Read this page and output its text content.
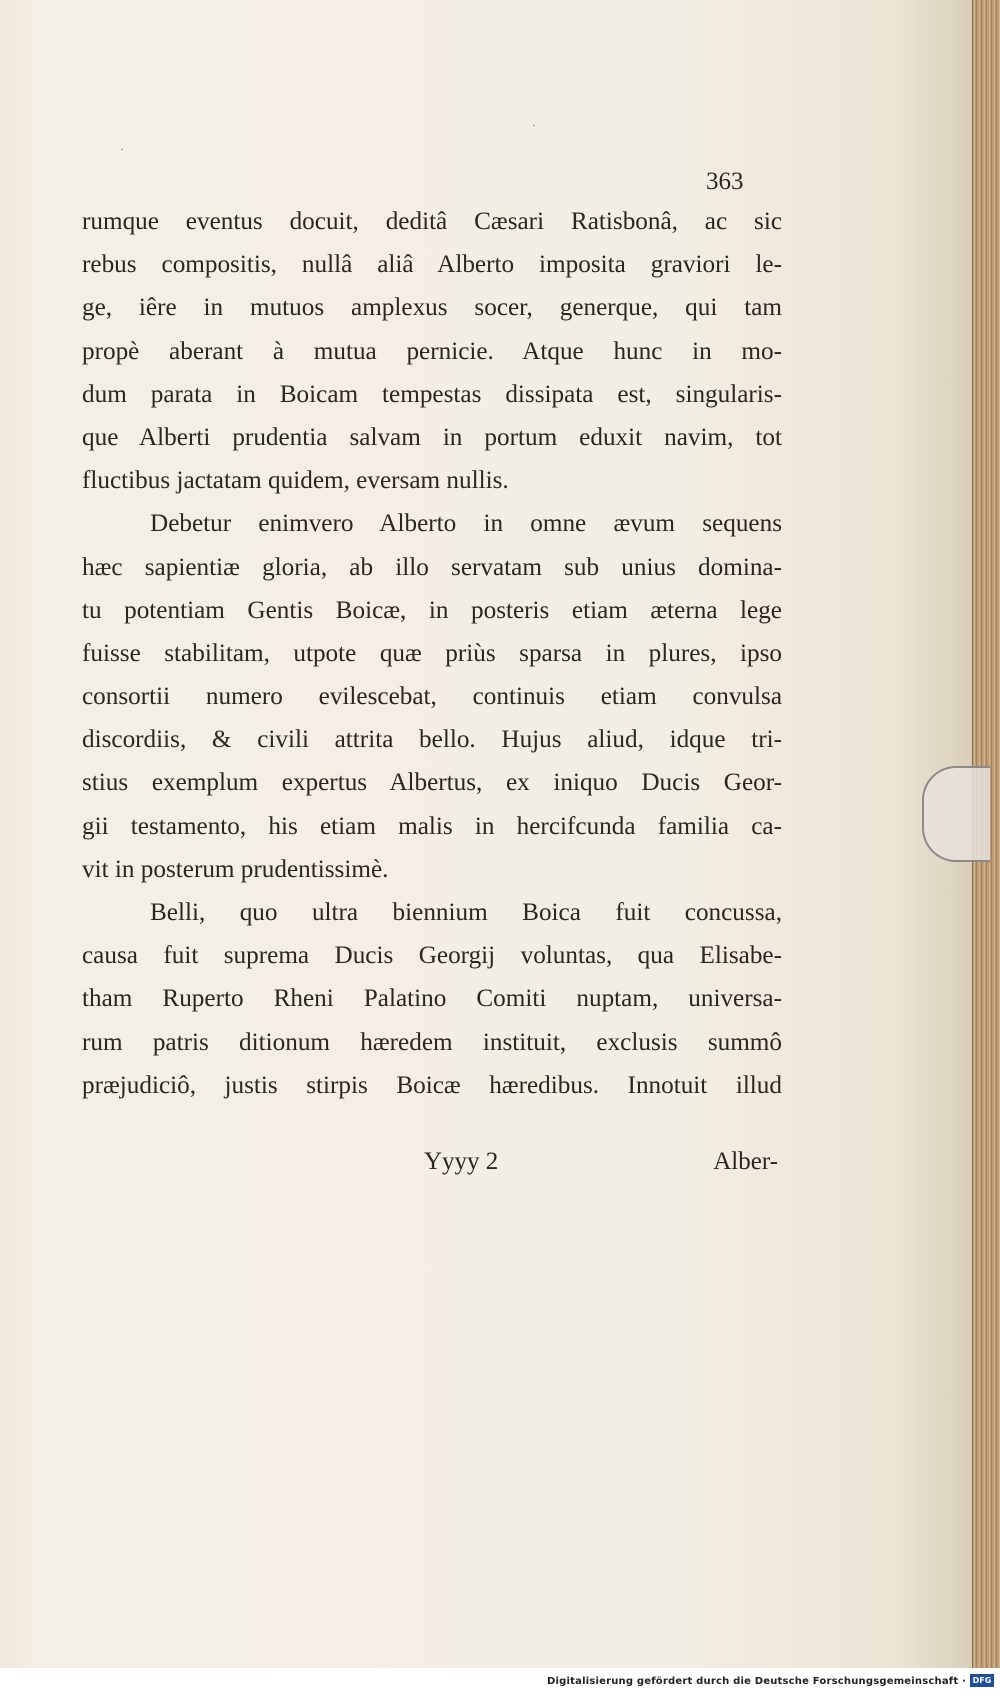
·
·
363
rumque eventus docuit, deditâ Cæsari Ratisbonâ, ac sic
rebus compositis, nullâ aliâ Alberto imposita graviori le-
ge, iêre in mutuos amplexus socer, generque, qui tam
propè aberant à mutua pernicie. Atque hunc in mo-
dum parata in Boicam tempestas dissipata est, singularis-
que Alberti prudentia salvam in portum eduxit navim, tot
fluctibus jactatam quidem, eversam nullis.
Debetur enimvero Alberto in omne ævum sequens
hæc sapientiæ gloria, ab illo servatam sub unius domina-
tu potentiam Gentis Boicæ, in posteris etiam æterna lege
fuisse stabilitam, utpote quæ priùs sparsa in plures, ipso
consortii numero evilescebat, continuis etiam convulsa
discordiis, & civili attrita bello. Hujus aliud, idque tri-
stius exemplum expertus Albertus, ex iniquo Ducis Geor-
gii testamento, his etiam malis in hercifcunda familia ca-
vit in posterum prudentissimè.
Belli, quo ultra biennium Boica fuit concussa,
causa fuit suprema Ducis Georgij voluntas, qua Elisabe-
tham Ruperto Rheni Palatino Comiti nuptam, universa-
rum patris ditionum hæredem instituit, exclusis summô
præjudiciô, justis stirpis Boicæ hæredibus. Innotuit illud
Yyyy 2	Alber-
Digitalisierung gefördert durch die Deutsche Forschungsgemeinschaft · DFG
